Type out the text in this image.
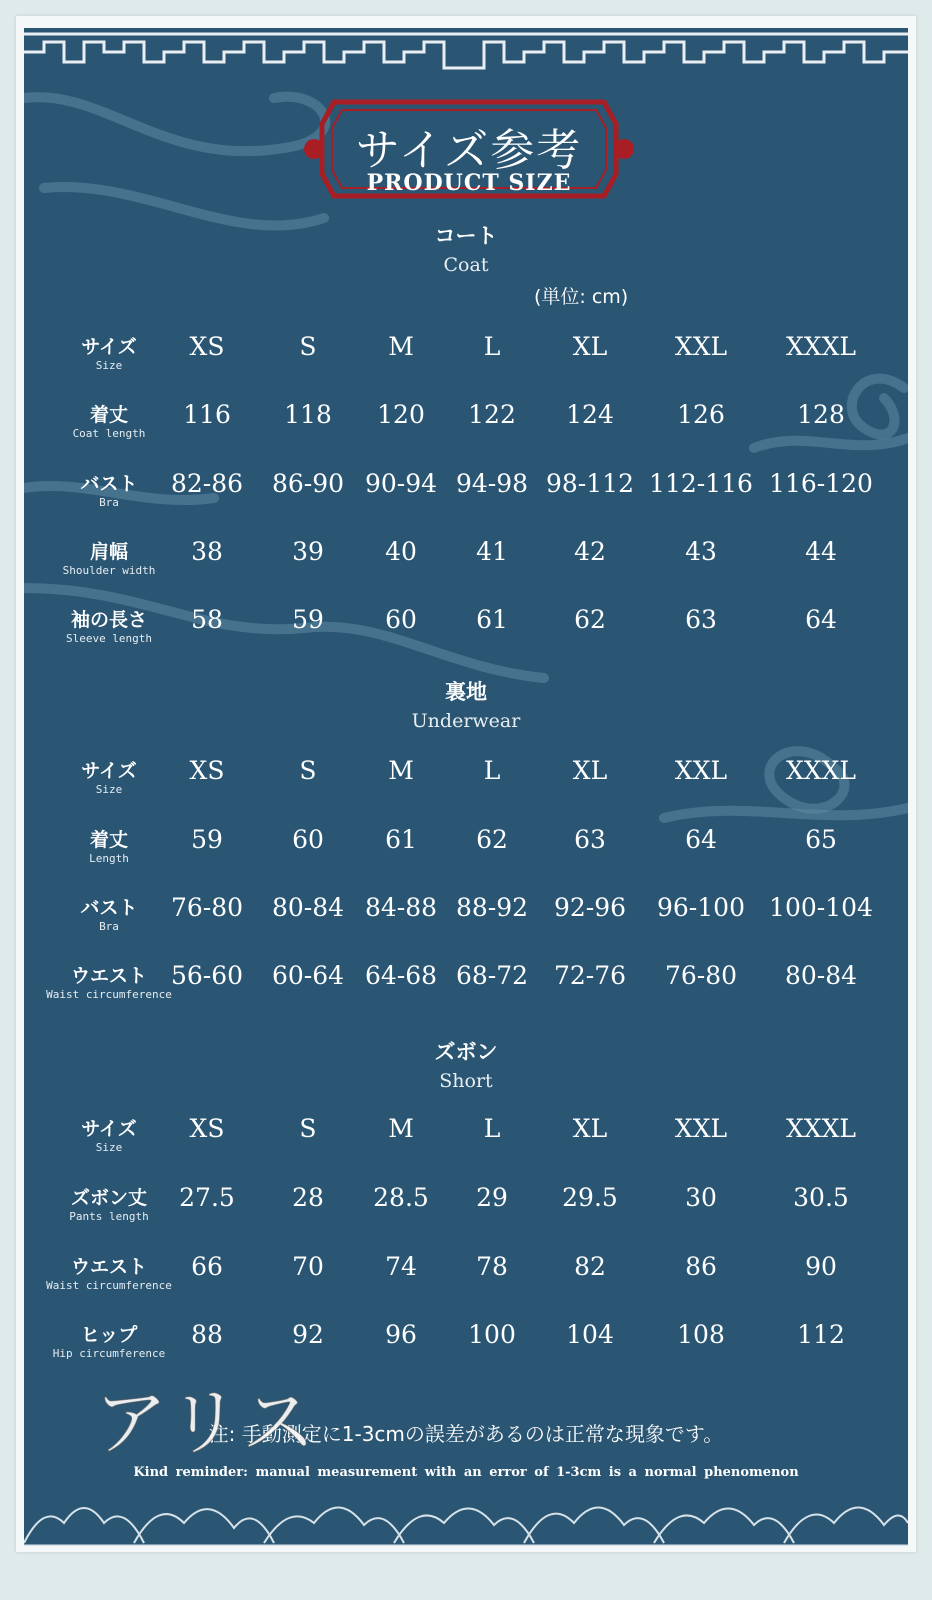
サイズ参考
PRODUCT SIZE
コート
Coat
(単位: cm)
サイズ
Size
XS	S	M	L	XL	XXL	XXXL
着丈
Coat length
116	118	120	122	124	126	128
バスト
Bra
82-86	86-90 90-94 94-98 98-112 112-116 116-120
肩幅
Shoulder width
38	39	40	41	42	43	44
袖の長さ
Sleeve length
58	59	60	61	62	63	64
裏地
Underwear
サイズ
Size
XS	S	M	L	XL	XXL	XXXL
着丈
Length
59	60	61	62	63	64	65
バスト
Bra
76-80	80-84 84-88 88-92	92-96	96-100 100-104
ウエスト
Waist circumference
56-60	60-64 64-68 68-72	72-76	76-80	80-84
ズボン
Short
サイズ
Size
XS	S	M	L	XL	XXL	XXXL
ズボン丈
Pants length
27.5	28	28.5	29	29.5	30	30.5
ウエスト
Waist circumference
66	70	74	78	82	86	90
ヒップ
Hip circumference
88	92	96	100	104	108	112
注: 手動測定に1-3cmの誤差があるのは正常な現象です。
Kind reminder: manual measurement with an error of 1-3cm is a normal phenomenon
アリス
